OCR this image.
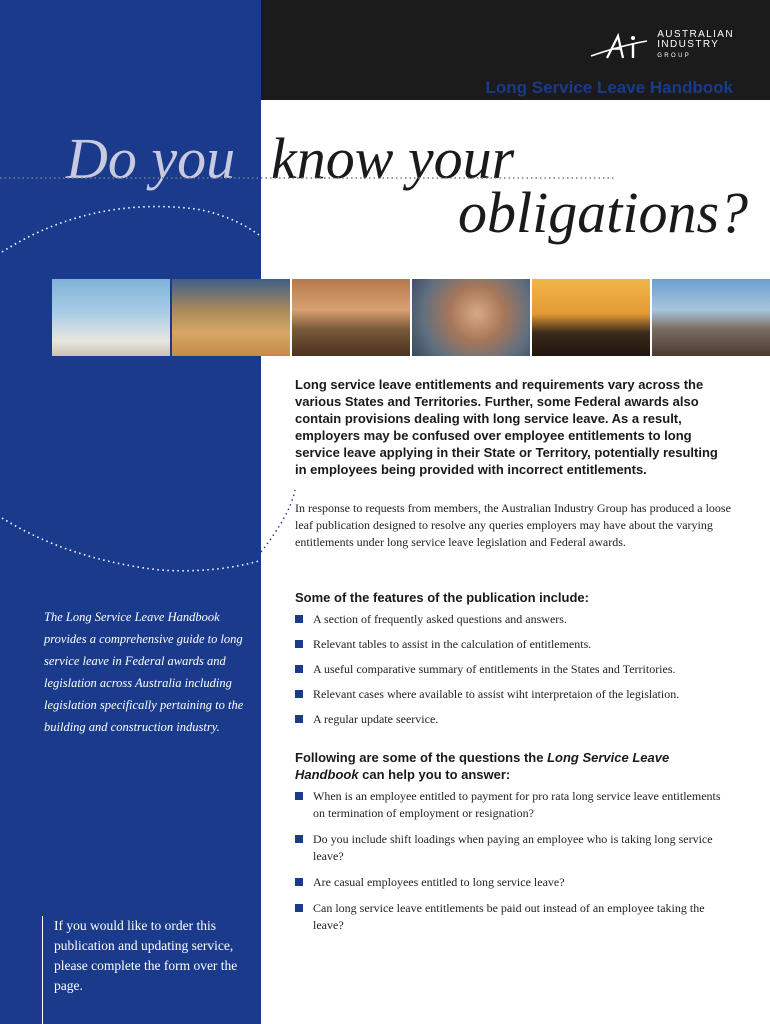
AUSTRALIAN
INDUSTRY
GROUP
Long Service Leave Handbook
Do you know your
obligations?

Long service leave entitlements and requirements vary across the various States and Territories. Further, some Federal awards also contain provisions dealing with long service leave. As a result, employers may be confused over employee entitlements to long service leave applying in their State or Territory, potentially resulting in employees being provided with incorrect entitlements.

In response to requests from members, the Australian Industry Group has produced a loose leaf publication designed to resolve any queries employers may have about the varying entitlements under long service leave legislation and Federal awards.

Some of the features of the publication include:
A section of frequently asked questions and answers.
Relevant tables to assist in the calculation of entitlements.
A useful comparative summary of entitlements in the States and Territories.
Relevant cases where available to assist wiht interpretaion of the legislation.
A regular update seervice.
Following are some of the questions the Long Service Leave Handbook can help you to answer:
When is an employee entitled to payment for pro rata long service leave entitlements on termination of employment or resignation?
Do you include shift loadings when paying an employee who is taking long service leave?
Are casual employees entitled to long service leave?
Can long service leave entitlements be paid out instead of an employee taking the leave?

The Long Service Leave Handbook provides a comprehensive guide to long service leave in Federal awards and legislation across Australia including legislation specifically pertaining to the building and construction industry.

If you would like to order this publication and updating service, please complete the form over the page.
